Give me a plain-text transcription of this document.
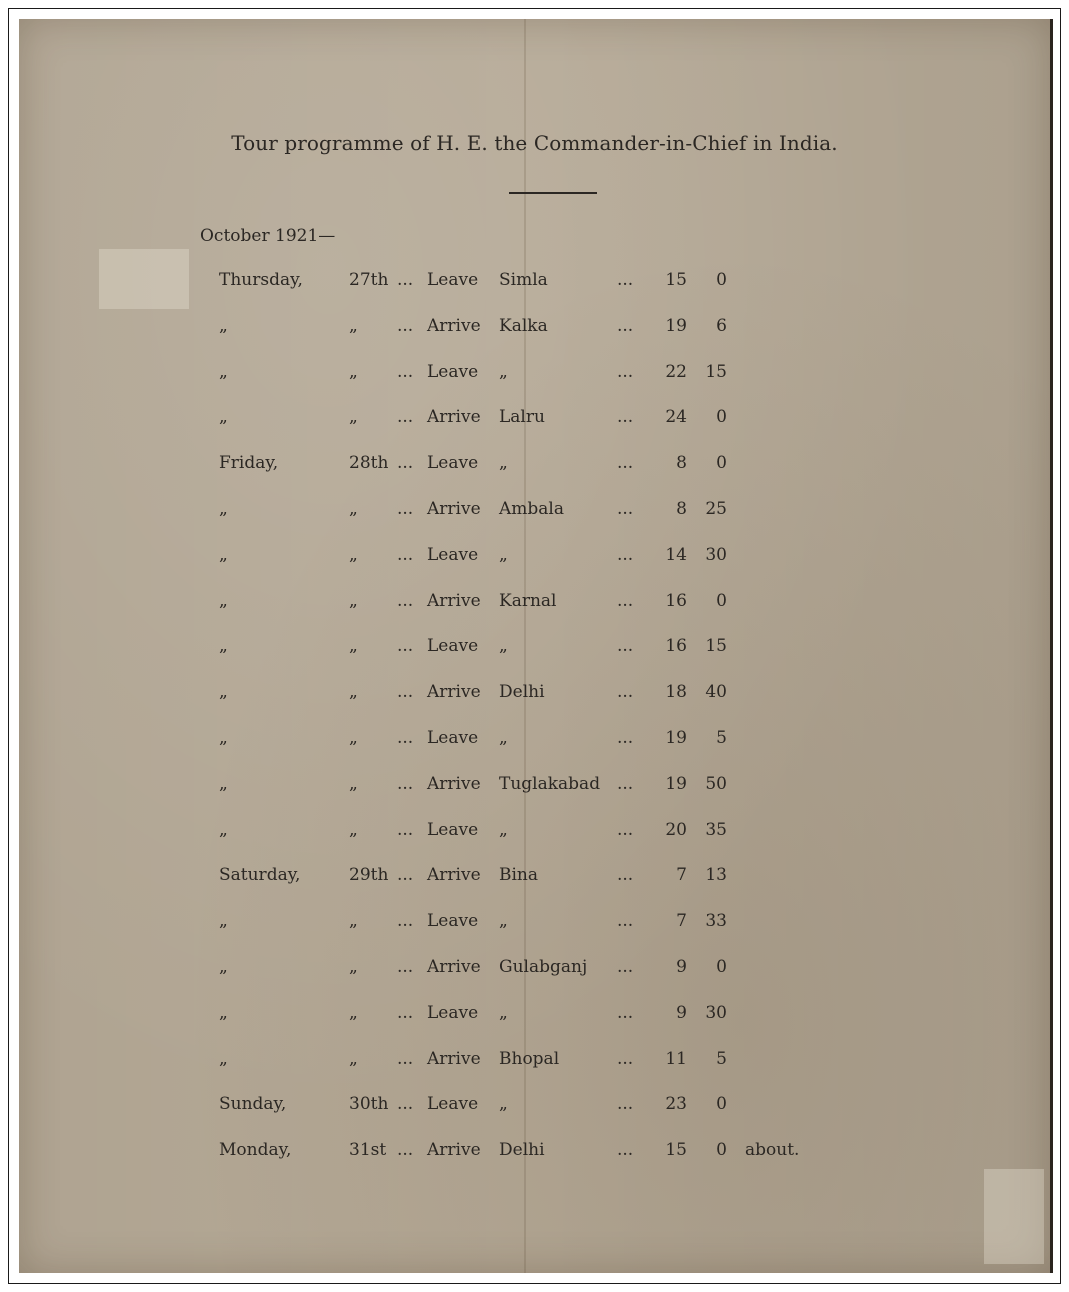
Tour programme of H. E. the Commander-in-Chief in India.
October 1921—
Thursday,	27th ... Leave Simla	...	15	0
„	„ ... Arrive Kalka	...	19	6
„	„ ... Leave „	...	22	15
„	„ ... Arrive Lalru	...	24	0
Friday,	28th ... Leave „	...	8	0
„	„ ... Arrive Ambala	...	8	25
„	„ ... Leave „	...	14	30
„	„ ... Arrive Karnal	...	16	0
„	„ ... Leave „	...	16	15
„	„ ... Arrive Delhi	...	18	40
„	„ ... Leave „	...	19	5
„	„ ... Arrive Tuglakabad ...	19	50
„	„ ... Leave „	...	20	35
Saturday,	29th ... Arrive Bina	...	7	13
„	„ ... Leave „	...	7	33
„	„ ... Arrive Gulabganj ...	9	0
„	„ ... Leave „	...	9	30
„	„ ... Arrive Bhopal	...	11	5
Sunday,	30th ... Leave „	...	23	0
Monday,	31st ... Arrive Delhi	...	15	0 about.
